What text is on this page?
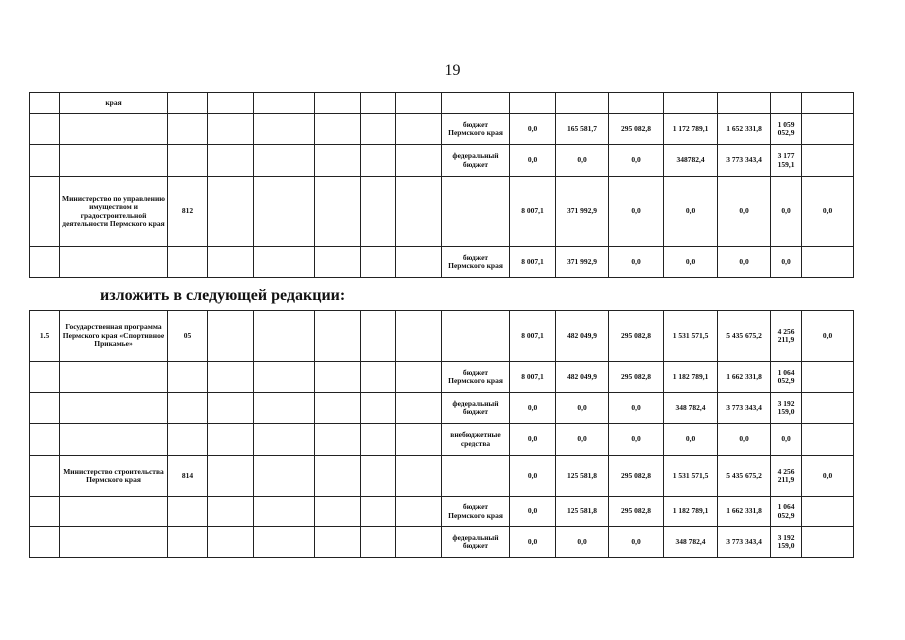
19
	края														
								бюджет Пермского края	0,0	165 581,7	295 082,8	1 172 789,1	1 652 331,8	1 059 052,9	
								федеральный бюджет	0,0	0,0	0,0	348782,4	3 773 343,4	3 177 159,1	
	Министерство по управлению имуществом и градостроительной деятельности Пермского края	812							8 007,1	371 992,9	0,0	0,0	0,0	0,0	0,0
								бюджет Пермского края	8 007,1	371 992,9	0,0	0,0	0,0	0,0	
изложить в следующей редакции:
1.5	Государственная программа Пермского края «Спортивное Прикамье»	05							8 007,1	482 049,9	295 082,8	1 531 571,5	5 435 675,2	4 256 211,9	0,0
								бюджет Пермского края	8 007,1	482 049,9	295 082,8	1 182 789,1	1 662 331,8	1 064 052,9	
								федеральный бюджет	0,0	0,0	0,0	348 782,4	3 773 343,4	3 192 159,0	
								внебюджетные средства	0,0	0,0	0,0	0,0	0,0	0,0	
	Министерство строительства Пермского края	814							0,0	125 581,8	295 082,8	1 531 571,5	5 435 675,2	4 256 211,9	0,0
								бюджет Пермского края	0,0	125 581,8	295 082,8	1 182 789,1	1 662 331,8	1 064 052,9	
								федеральный бюджет	0,0	0,0	0,0	348 782,4	3 773 343,4	3 192 159,0	
